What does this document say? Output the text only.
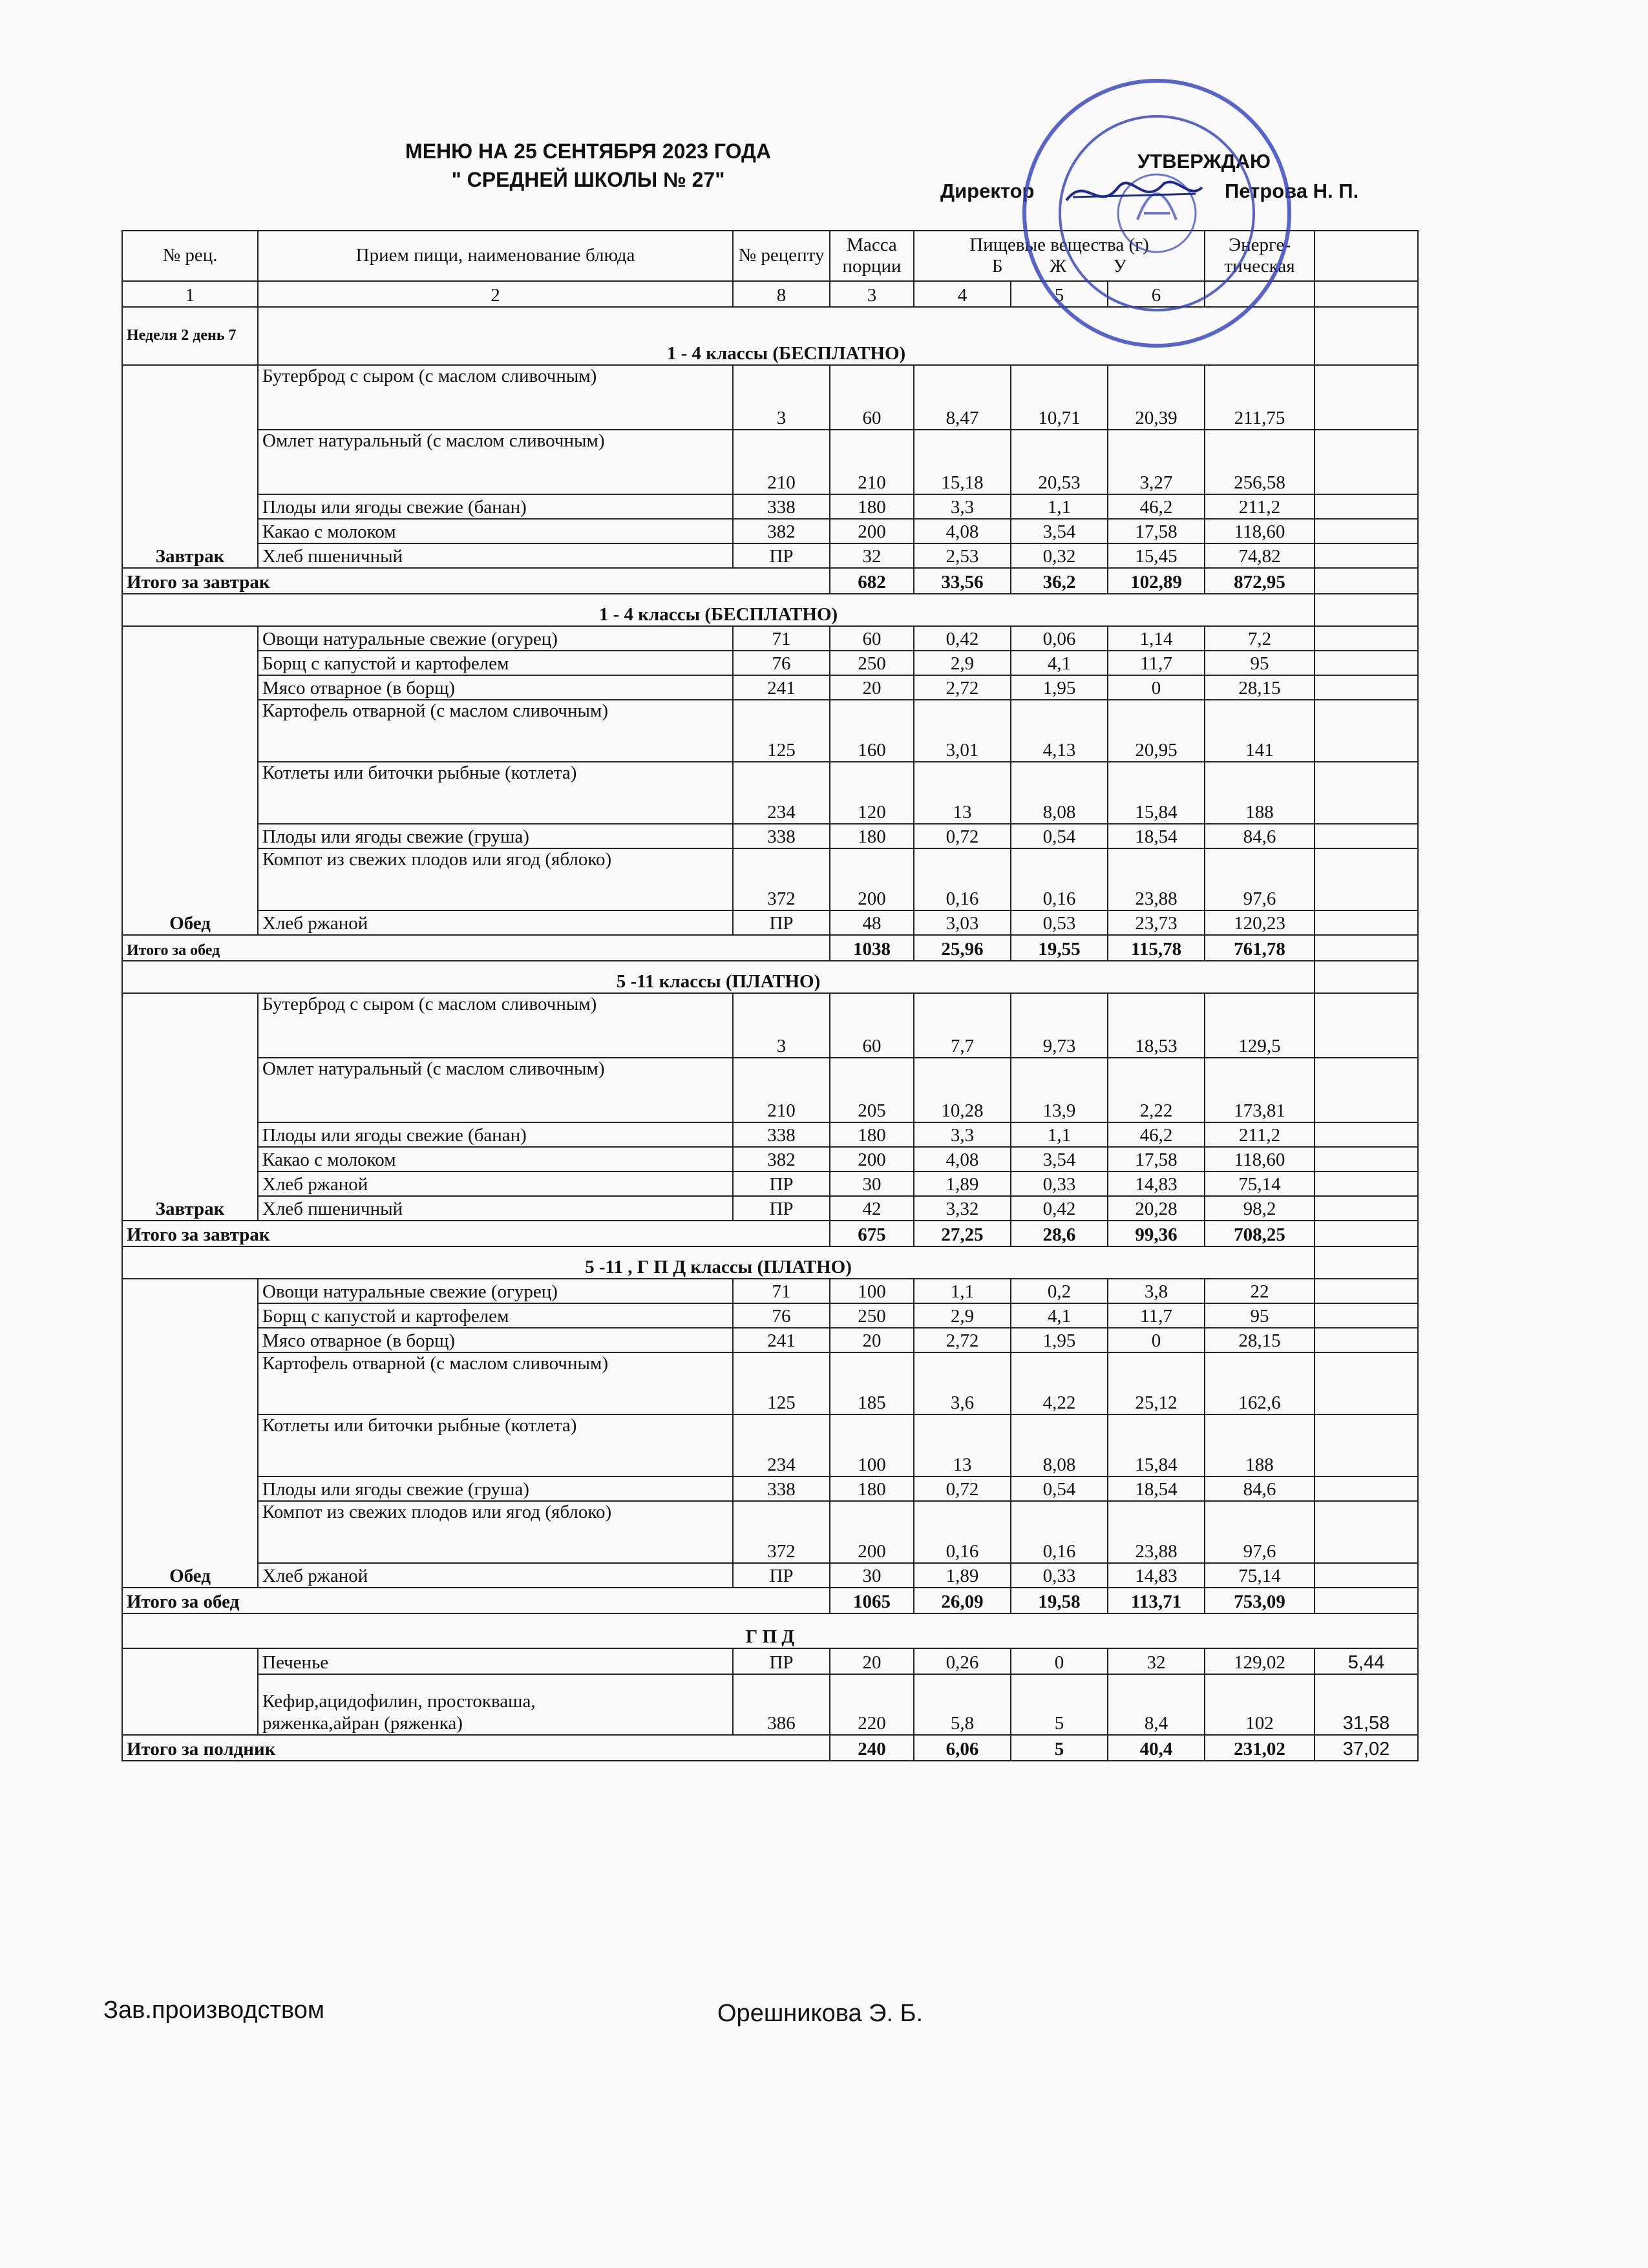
МЕНЮ НА 25 СЕНТЯБРЯ 2023 ГОДА
" СРЕДНЕЙ ШКОЛЫ № 27"
УТВЕРЖДАЮ
Директор	Петрова Н. П.
№ рец.	Прием пищи, наименование блюда	№ рецепту	Масса порции	Пищевые вещества (г)
Б Ж У			Энерге-тическая	
1	2	8	3	4	5	6		
Неделя 2 день 7	1 - 4 классы (БЕСПЛАТНО)							
Завтрак	Бутерброд с сыром (с маслом сливочным)	3	60	8,47	10,71	20,39	211,75	
	Омлет натуральный (с маслом сливочным)	210	210	15,18	20,53	3,27	256,58	
	Плоды или ягоды свежие (банан)	338	180	3,3	1,1	46,2	211,2	
	Какао с молоком	382	200	4,08	3,54	17,58	118,60	
	Хлеб пшеничный	ПР	32	2,53	0,32	15,45	74,82	
Итого за завтрак			682	33,56	36,2	102,89	872,95	
1 - 4 классы (БЕСПЛАТНО)								
Обед	Овощи натуральные свежие (огурец)	71	60	0,42	0,06	1,14	7,2	
	Борщ с капустой и картофелем	76	250	2,9	4,1	11,7	95	
	Мясо отварное (в борщ)	241	20	2,72	1,95	0	28,15	
	Картофель отварной (с маслом сливочным)	125	160	3,01	4,13	20,95	141	
	Котлеты или биточки рыбные (котлета)	234	120	13	8,08	15,84	188	
	Плоды или ягоды свежие (груша)	338	180	0,72	0,54	18,54	84,6	
	Компот из свежих плодов или ягод (яблоко)	372	200	0,16	0,16	23,88	97,6	
	Хлеб ржаной	ПР	48	3,03	0,53	23,73	120,23	
Итого за обед			1038	25,96	19,55	115,78	761,78	
5 -11 классы (ПЛАТНО)								
Завтрак	Бутерброд с сыром (с маслом сливочным)	3	60	7,7	9,73	18,53	129,5	
	Омлет натуральный (с маслом сливочным)	210	205	10,28	13,9	2,22	173,81	
	Плоды или ягоды свежие (банан)	338	180	3,3	1,1	46,2	211,2	
	Какао с молоком	382	200	4,08	3,54	17,58	118,60	
	Хлеб ржаной	ПР	30	1,89	0,33	14,83	75,14	
	Хлеб пшеничный	ПР	42	3,32	0,42	20,28	98,2	
Итого за завтрак			675	27,25	28,6	99,36	708,25	
5 -11 , Г П Д классы (ПЛАТНО)								
Обед	Овощи натуральные свежие (огурец)	71	100	1,1	0,2	3,8	22	
	Борщ с капустой и картофелем	76	250	2,9	4,1	11,7	95	
	Мясо отварное (в борщ)	241	20	2,72	1,95	0	28,15	
	Картофель отварной (с маслом сливочным)	125	185	3,6	4,22	25,12	162,6	
	Котлеты или биточки рыбные (котлета)	234	100	13	8,08	15,84	188	
	Плоды или ягоды свежие (груша)	338	180	0,72	0,54	18,54	84,6	
	Компот из свежих плодов или ягод (яблоко)	372	200	0,16	0,16	23,88	97,6	
	Хлеб ржаной	ПР	30	1,89	0,33	14,83	75,14	
Итого за обед			1065	26,09	19,58	113,71	753,09	
Г П Д								
	Печенье	ПР	20	0,26	0	32	129,02	5,44

	Кефир,ацидофилин, простокваша,
ряженка,айран (ряженка)	386	220	5,8	5	8,4	102	31,58
Итого за полдник			240	6,06	5	40,4	231,02	37,02
Зав.производством	Орешникова Э. Б.
